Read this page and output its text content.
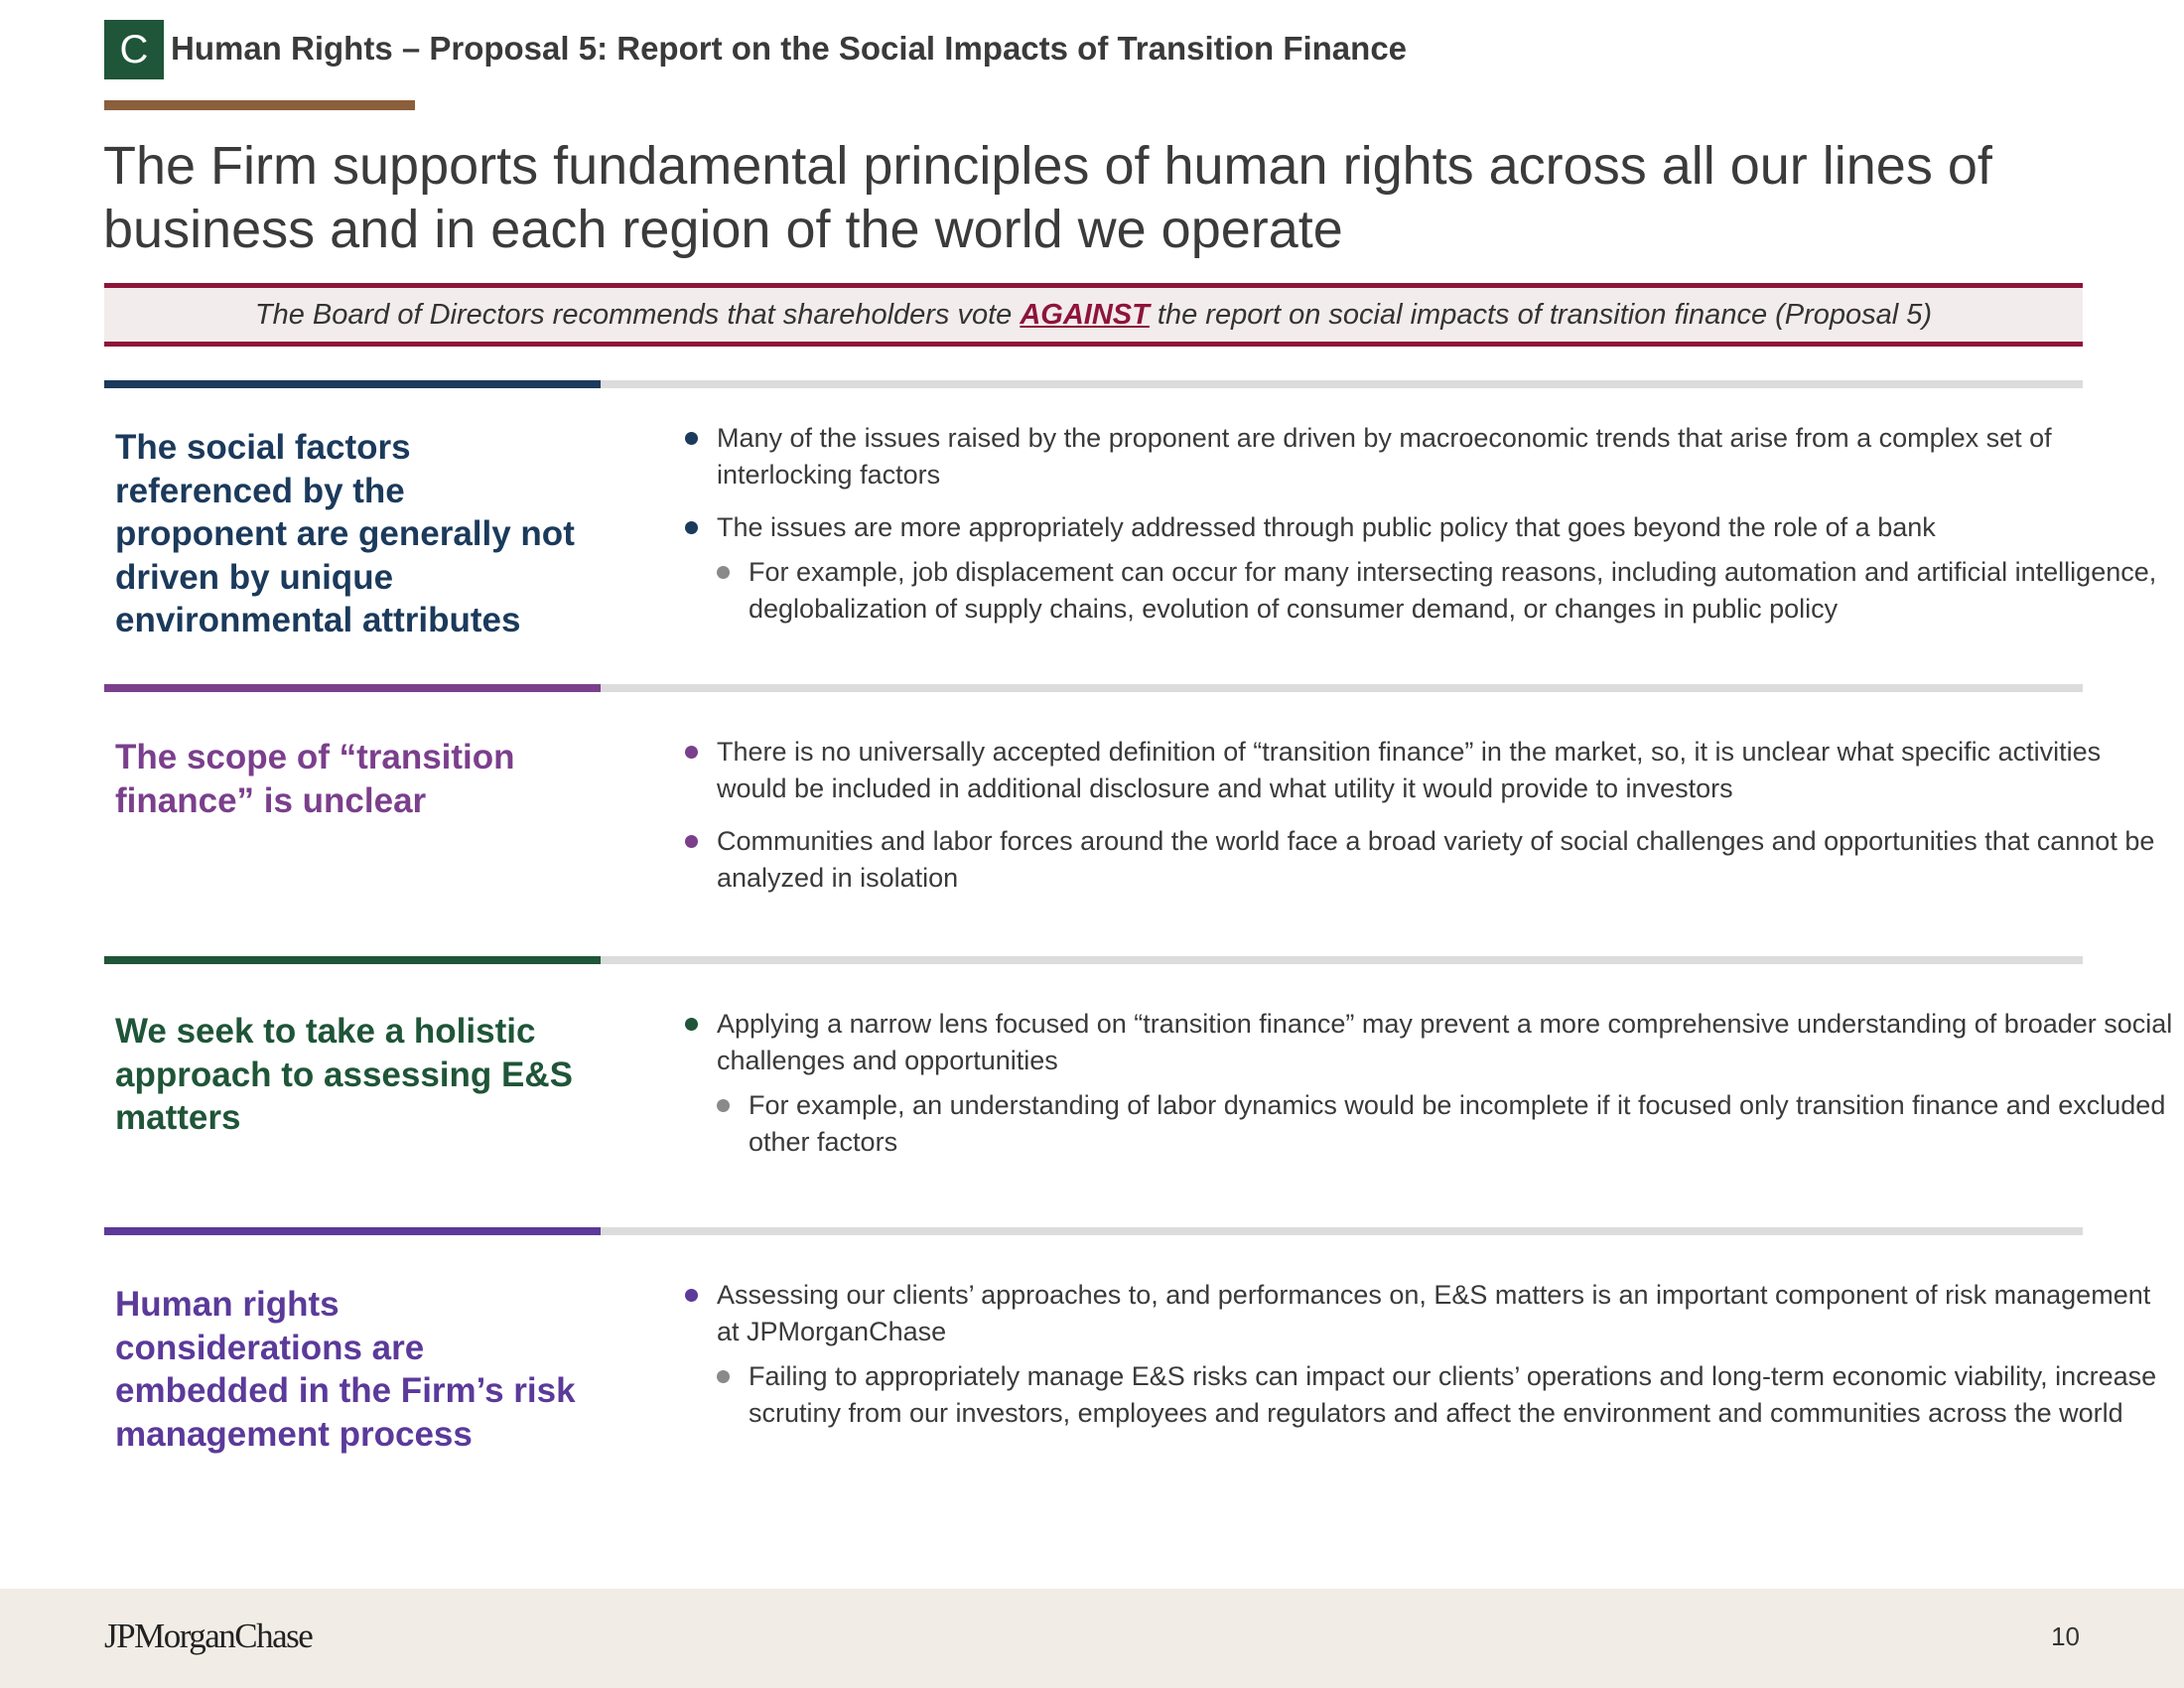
C Human Rights – Proposal 5: Report on the Social Impacts of Transition Finance
The Firm supports fundamental principles of human rights across all our lines of business and in each region of the world we operate
The Board of Directors recommends that shareholders vote AGAINST the report on social impacts of transition finance (Proposal 5)
The social factors referenced by the proponent are generally not driven by unique environmental attributes
Many of the issues raised by the proponent are driven by macroeconomic trends that arise from a complex set of interlocking factors
The issues are more appropriately addressed through public policy that goes beyond the role of a bank
For example, job displacement can occur for many intersecting reasons, including automation and artificial intelligence, deglobalization of supply chains, evolution of consumer demand, or changes in public policy
The scope of “transition finance” is unclear
There is no universally accepted definition of “transition finance” in the market, so, it is unclear what specific activities would be included in additional disclosure and what utility it would provide to investors
Communities and labor forces around the world face a broad variety of social challenges and opportunities that cannot be analyzed in isolation
We seek to take a holistic approach to assessing E&S matters
Applying a narrow lens focused on “transition finance” may prevent a more comprehensive understanding of broader social challenges and opportunities
For example, an understanding of labor dynamics would be incomplete if it focused only transition finance and excluded other factors
Human rights considerations are embedded in the Firm’s risk management process
Assessing our clients’ approaches to, and performances on, E&S matters is an important component of risk management at JPMorganChase
Failing to appropriately manage E&S risks can impact our clients’ operations and long-term economic viability, increase scrutiny from our investors, employees and regulators and affect the environment and communities across the world
JPMorganChase	10
